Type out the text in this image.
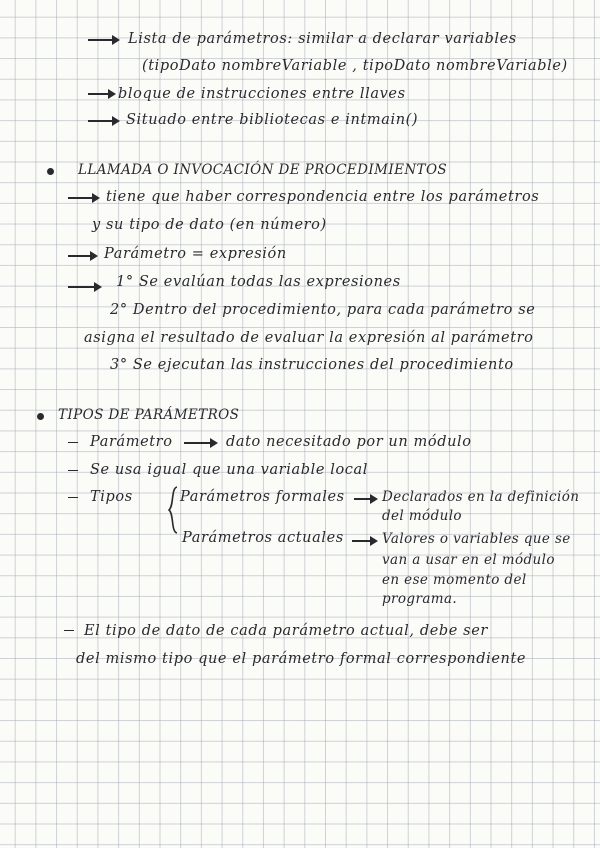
Lista de parámetros: similar a declarar variables
(tipoDato nombreVariable , tipoDato nombreVariable)
bloque de instrucciones entre llaves
Situado entre bibliotecas e intmain()
LLAMADA O INVOCACIÓN DE PROCEDIMIENTOS
tiene que haber correspondencia entre los parámetros
y su tipo de dato (en número)
Parámetro = expresión
1° Se evalúan todas las expresiones
2° Dentro del procedimiento, para cada parámetro se
asigna el resultado de evaluar la expresión al parámetro
3° Se ejecutan las instrucciones del procedimiento
TIPOS DE PARÁMETROS
Parámetro	dato necesitado por un módulo
Se usa igual que una variable local
Tipos	Parámetros formales	Declarados en la definición
del módulo
Parámetros actuales	Valores o variables que se
van a usar en el módulo
en ese momento del
programa.
El tipo de dato de cada parámetro actual, debe ser
del mismo tipo que el parámetro formal correspondiente
